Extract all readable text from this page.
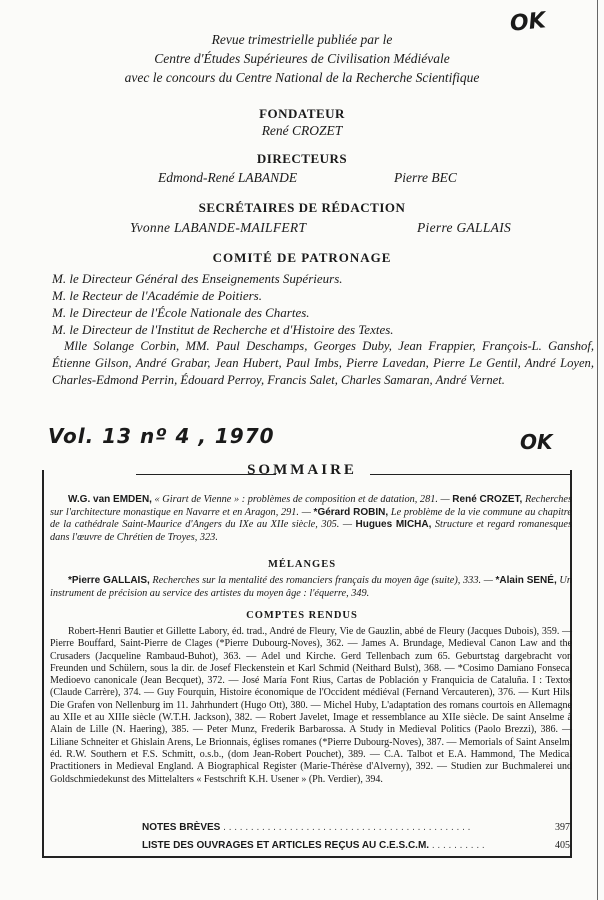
OK
Revue trimestrielle publiée par le
Centre d'Études Supérieures de Civilisation Médiévale
avec le concours du Centre National de la Recherche Scientifique
FONDATEUR
René CROZET
DIRECTEURS
Edmond-René LABANDE	Pierre BEC
SECRÉTAIRES DE RÉDACTION
Yvonne LABANDE-MAILFERT	Pierre GALLAIS
COMITÉ DE PATRONAGE
M. le Directeur Général des Enseignements Supérieurs.
M. le Recteur de l'Académie de Poitiers.
M. le Directeur de l'École Nationale des Chartes.
M. le Directeur de l'Institut de Recherche et d'Histoire des Textes.
Mlle Solange Corbin, MM. Paul Deschamps, Georges Duby, Jean Frappier, François-L. Ganshof, Étienne Gilson, André Grabar, Jean Hubert, Paul Imbs, Pierre Lavedan, Pierre Le Gentil, André Loyen, Charles-Edmond Perrin, Édouard Perroy, Francis Salet, Charles Samaran, André Vernet.
Vol. 13 nº 4 , 1970	OK
SOMMAIRE
W.G. van EMDEN, « Girart de Vienne » : problèmes de composition et de datation, 281. — René CROZET, Recherches sur l'architecture monastique en Navarre et en Aragon, 291. — *Gérard ROBIN, Le problème de la vie commune au chapitre de la cathédrale Saint-Maurice d'Angers du IXe au XIIe siècle, 305. — Hugues MICHA, Structure et regard romanesques dans l'œuvre de Chrétien de Troyes, 323.
MÉLANGES
*Pierre GALLAIS, Recherches sur la mentalité des romanciers français du moyen âge (suite), 333. — *Alain SENÉ, Un instrument de précision au service des artistes du moyen âge : l'équerre, 349.
COMPTES RENDUS
Robert-Henri Bautier et Gillette Labory, éd. trad., André de Fleury, Vie de Gauzlin, abbé de Fleury (Jacques Dubois), 359. — Pierre Bouffard, Saint-Pierre de Clages (*Pierre Dubourg-Noves), 362. — James A. Brundage, Medieval Canon Law and the Crusaders (Jacqueline Rambaud-Buhot), 363. — Adel und Kirche. Gerd Tellenbach zum 65. Geburtstag dargebracht von Freunden und Schülern, sous la dir. de Josef Fleckenstein et Karl Schmid (Neithard Bulst), 368. — *Cosimo Damiano Fonseca, Medioevo canonicale (Jean Becquet), 372. — José María Font Rius, Cartas de Población y Franquicia de Cataluña. I : Textos (Claude Carrère), 374. — Guy Fourquin, Histoire économique de l'Occident médiéval (Fernand Vercauteren), 376. — Kurt Hils, Die Grafen von Nellenburg im 11. Jahrhundert (Hugo Ott), 380. — Michel Huby, L'adaptation des romans courtois en Allemagne au XIIe et au XIIIe siècle (W.T.H. Jackson), 382. — Robert Javelet, Image et ressemblance au XIIe siècle. De saint Anselme à Alain de Lille (N. Haering), 385. — Peter Munz, Frederik Barbarossa. A Study in Medieval Politics (Paolo Brezzi), 386. — Liliane Schneiter et Ghislain Arens, Le Brionnais, églises romanes (*Pierre Dubourg-Noves), 387. — Memorials of Saint Anselm, éd. R.W. Southern et F.S. Schmitt, o.s.b., (dom Jean-Robert Pouchet), 389. — C.A. Talbot et E.A. Hammond, The Medical Practitioners in Medieval England. A Biographical Register (Marie-Thérèse d'Alverny), 392. — Studien zur Buchmalerei und Goldschmiedekunst des Mittelalters « Festschrift K.H. Usener » (Ph. Verdier), 394.
NOTES BRÈVES . . . . . . . . . . . . . . . . . . . . . . . . . . . . . . . . . . . . . . . . . . . . .	397
LISTE DES OUVRAGES ET ARTICLES REÇUS AU C.E.S.C.M. . . . . . . . . . .	405
